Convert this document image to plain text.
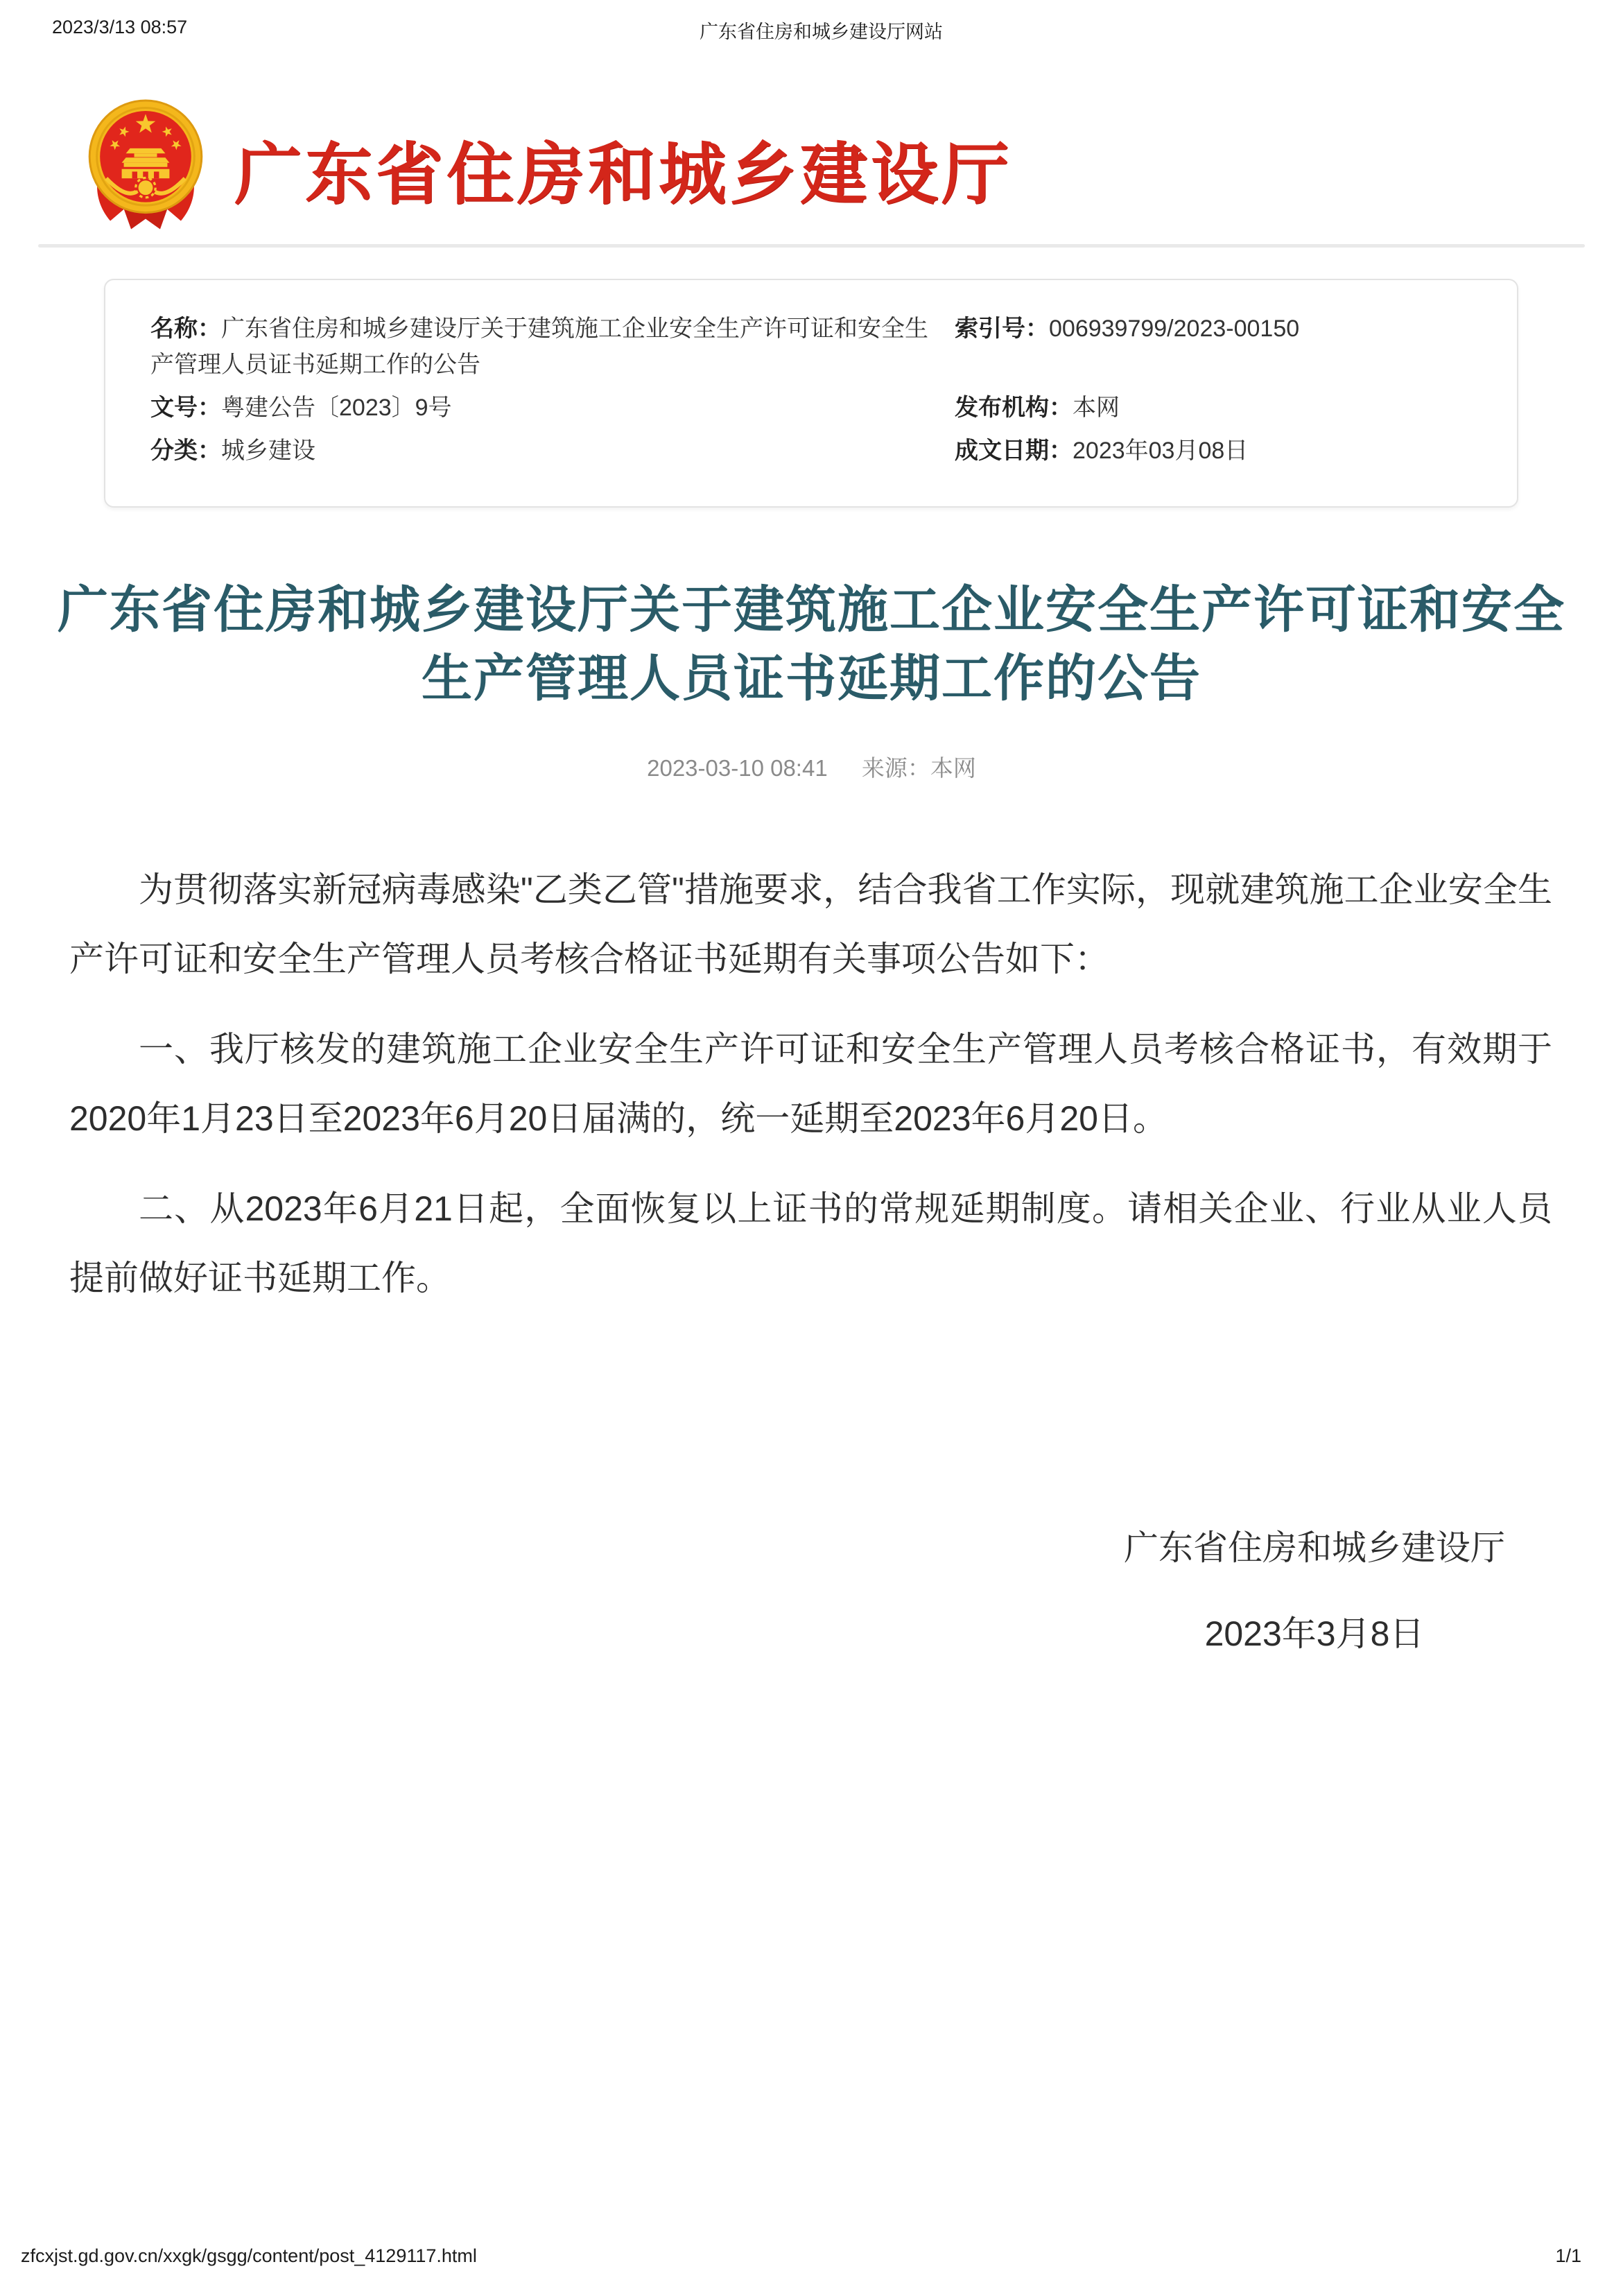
2023/3/13 08:57	广东省住房和城乡建设厅网站
广东省住房和城乡建设厅
名称：广东省住房和城乡建设厅关于建筑施工企业安全生产许可证和安全生产管理人员证书延期工作的公告
索引号：006939799/2023-00150
文号：粤建公告〔2023〕9号	发布机构：本网
分类：城乡建设	成文日期：2023年03月08日
广东省住房和城乡建设厅关于建筑施工企业安全生产许可证和安全生产管理人员证书延期工作的公告
2023-03-10 08:41 来源：本网

为贯彻落实新冠病毒感染"乙类乙管"措施要求，结合我省工作实际，现就建筑施工企业安全生产许可证和安全生产管理人员考核合格证书延期有关事项公告如下：

一、我厅核发的建筑施工企业安全生产许可证和安全生产管理人员考核合格证书，有效期于2020年1月23日至2023年6月20日届满的，统一延期至2023年6月20日。

二、从2023年6月21日起，全面恢复以上证书的常规延期制度。请相关企业、行业从业人员提前做好证书延期工作。

广东省住房和城乡建设厅
2023年3月8日
zfcxjst.gd.gov.cn/xxgk/gsgg/content/post_4129117.html	1/1
